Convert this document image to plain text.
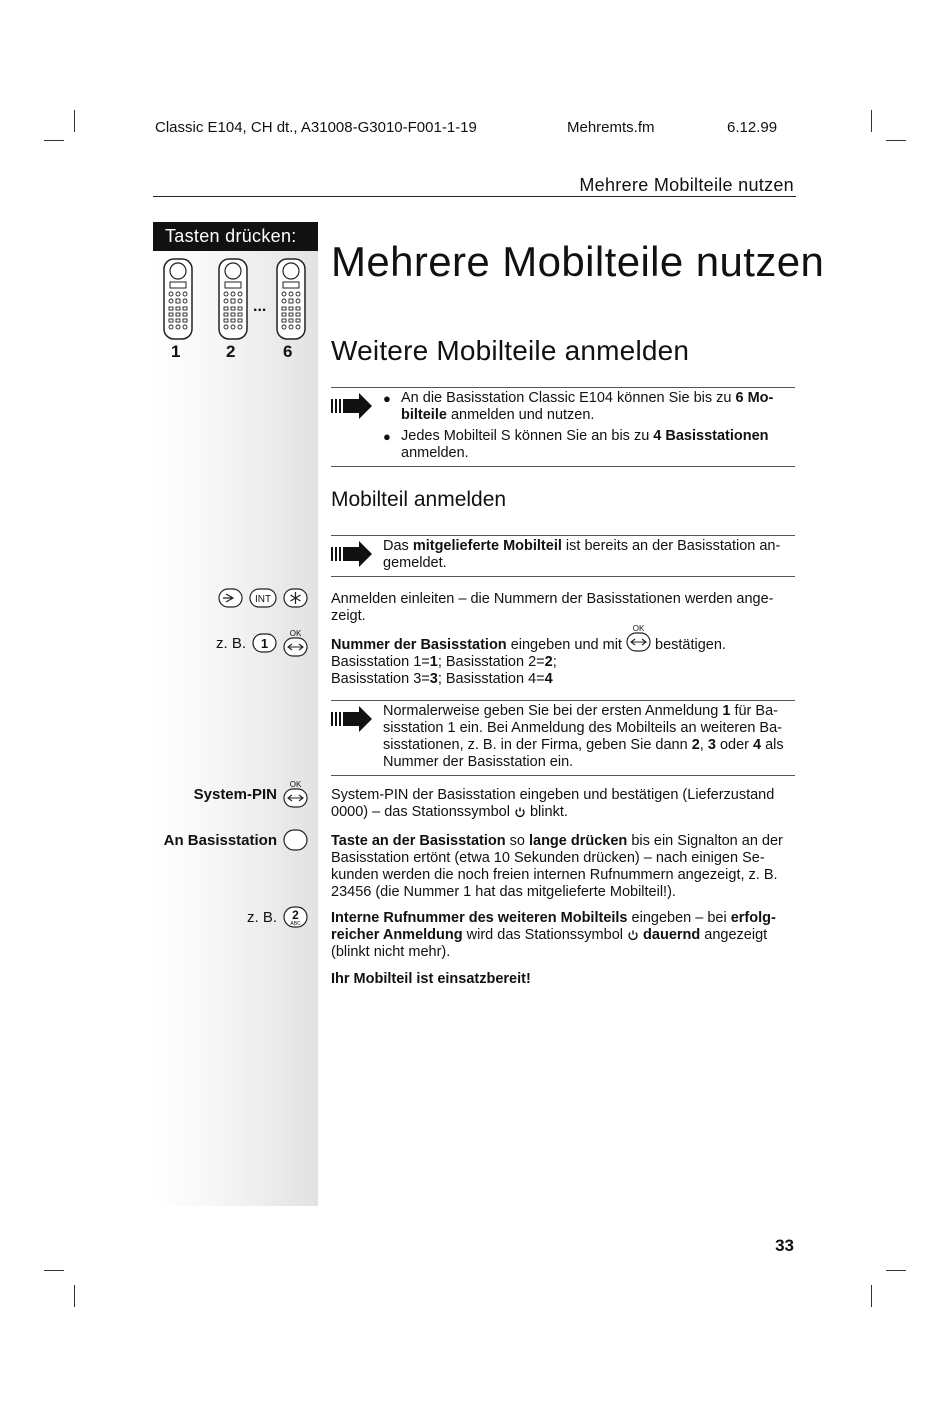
Classic E104, CH dt., A31008-G3010-F001-1-19	Mehremts.fm	6.12.99
Mehrere Mobilteile nutzen
Tasten drücken:
...
1	2	6
Mehrere Mobilteile nutzen
Weitere Mobilteile anmelden
● An die Basisstation Classic E104 können Sie bis zu 6 Mo-
bilteile anmelden und nutzen.
● Jedes Mobilteil S können Sie an bis zu 4 Basisstationen
anmelden.
Mobilteil anmelden
Das mitgelieferte Mobilteil ist bereits an der Basisstation an-
gemeldet.
INT	Anmelden einleiten – die Nummern der Basisstationen werden ange-
zeigt.
z. B. 1
OK
Nummer der Basisstation eingeben und mit
OK
bestätigen.
Basisstation 1=1; Basisstation 2=2;
Basisstation 3=3; Basisstation 4=4
Normalerweise geben Sie bei der ersten Anmeldung 1 für Ba-
sisstation 1 ein. Bei Anmeldung des Mobilteils an weiteren Ba-
sisstationen, z. B. in der Firma, geben Sie dann 2, 3 oder 4 als
Nummer der Basisstation ein.
System-PIN
OK
System-PIN der Basisstation eingeben und bestätigen (Lieferzustand
0000) – das Stationssymbol  blinkt.
An Basisstation	Taste an der Basisstation so lange drücken bis ein Signalton an der
Basisstation ertönt (etwa 10 Sekunden drücken) – nach einigen Se-
kunden werden die noch freien internen Rufnummern angezeigt, z. B.
23456 (die Nummer 1 hat das mitgelieferte Mobilteil!).
z. B. 2
ABC Interne Rufnummer des weiteren Mobilteils eingeben – bei erfolg-
reicher Anmeldung wird das Stationssymbol  dauernd angezeigt
(blinkt nicht mehr).
Ihr Mobilteil ist einsatzbereit!
33
